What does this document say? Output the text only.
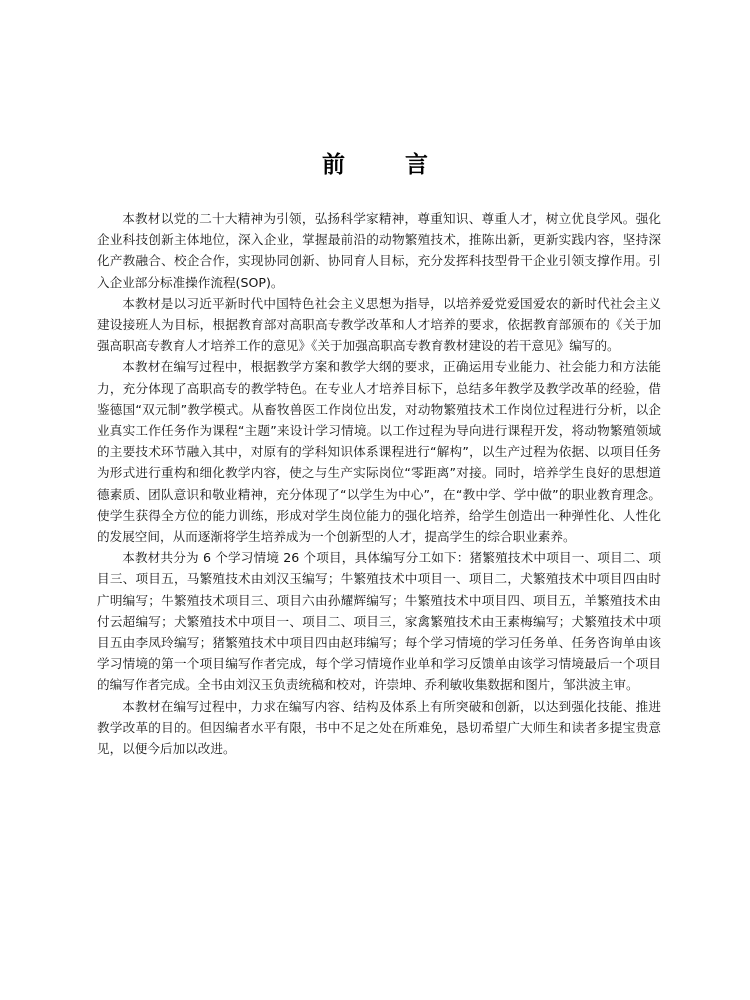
前 言

本教材以党的二十大精神为引领，弘扬科学家精神，尊重知识、尊重人才，树立优良学风。强化企业科技创新主体地位，深入企业，掌握最前沿的动物繁殖技术，推陈出新，更新实践内容，坚持深化产教融合、校企合作，实现协同创新、协同育人目标，充分发挥科技型骨干企业引领支撑作用。引入企业部分标准操作流程(SOP)。

本教材是以习近平新时代中国特色社会主义思想为指导，以培养爱党爱国爱农的新时代社会主义建设接班人为目标，根据教育部对高职高专教学改革和人才培养的要求，依据教育部颁布的《关于加强高职高专教育人才培养工作的意见》《关于加强高职高专教育教材建设的若干意见》编写的。

本教材在编写过程中，根据教学方案和教学大纲的要求，正确运用专业能力、社会能力和方法能力，充分体现了高职高专的教学特色。在专业人才培养目标下，总结多年教学及教学改革的经验，借鉴德国“双元制”教学模式。从畜牧兽医工作岗位出发，对动物繁殖技术工作岗位过程进行分析，以企业真实工作任务作为课程“主题”来设计学习情境。以工作过程为导向进行课程开发，将动物繁殖领域的主要技术环节融入其中，对原有的学科知识体系课程进行“解构”，以生产过程为依据、以项目任务为形式进行重构和细化教学内容，使之与生产实际岗位“零距离”对接。同时，培养学生良好的思想道德素质、团队意识和敬业精神，充分体现了“以学生为中心”，在“教中学、学中做”的职业教育理念。使学生获得全方位的能力训练，形成对学生岗位能力的强化培养，给学生创造出一种弹性化、人性化的发展空间，从而逐渐将学生培养成为一个创新型的人才，提高学生的综合职业素养。

本教材共分为 6 个学习情境 26 个项目，具体编写分工如下：猪繁殖技术中项目一、项目二、项目三、项目五，马繁殖技术由刘汉玉编写；牛繁殖技术中项目一、项目二，犬繁殖技术中项目四由时广明编写；牛繁殖技术项目三、项目六由孙耀辉编写；牛繁殖技术中项目四、项目五，羊繁殖技术由付云超编写；犬繁殖技术中项目一、项目二、项目三，家禽繁殖技术由王素梅编写；犬繁殖技术中项目五由李凤玲编写；猪繁殖技术中项目四由赵玮编写；每个学习情境的学习任务单、任务咨询单由该学习情境的第一个项目编写作者完成，每个学习情境作业单和学习反馈单由该学习情境最后一个项目的编写作者完成。全书由刘汉玉负责统稿和校对，许崇坤、乔利敏收集数据和图片，邹洪波主审。

本教材在编写过程中，力求在编写内容、结构及体系上有所突破和创新，以达到强化技能、推进教学改革的目的。但因编者水平有限，书中不足之处在所难免，恳切希望广大师生和读者多提宝贵意见，以便今后加以改进。
